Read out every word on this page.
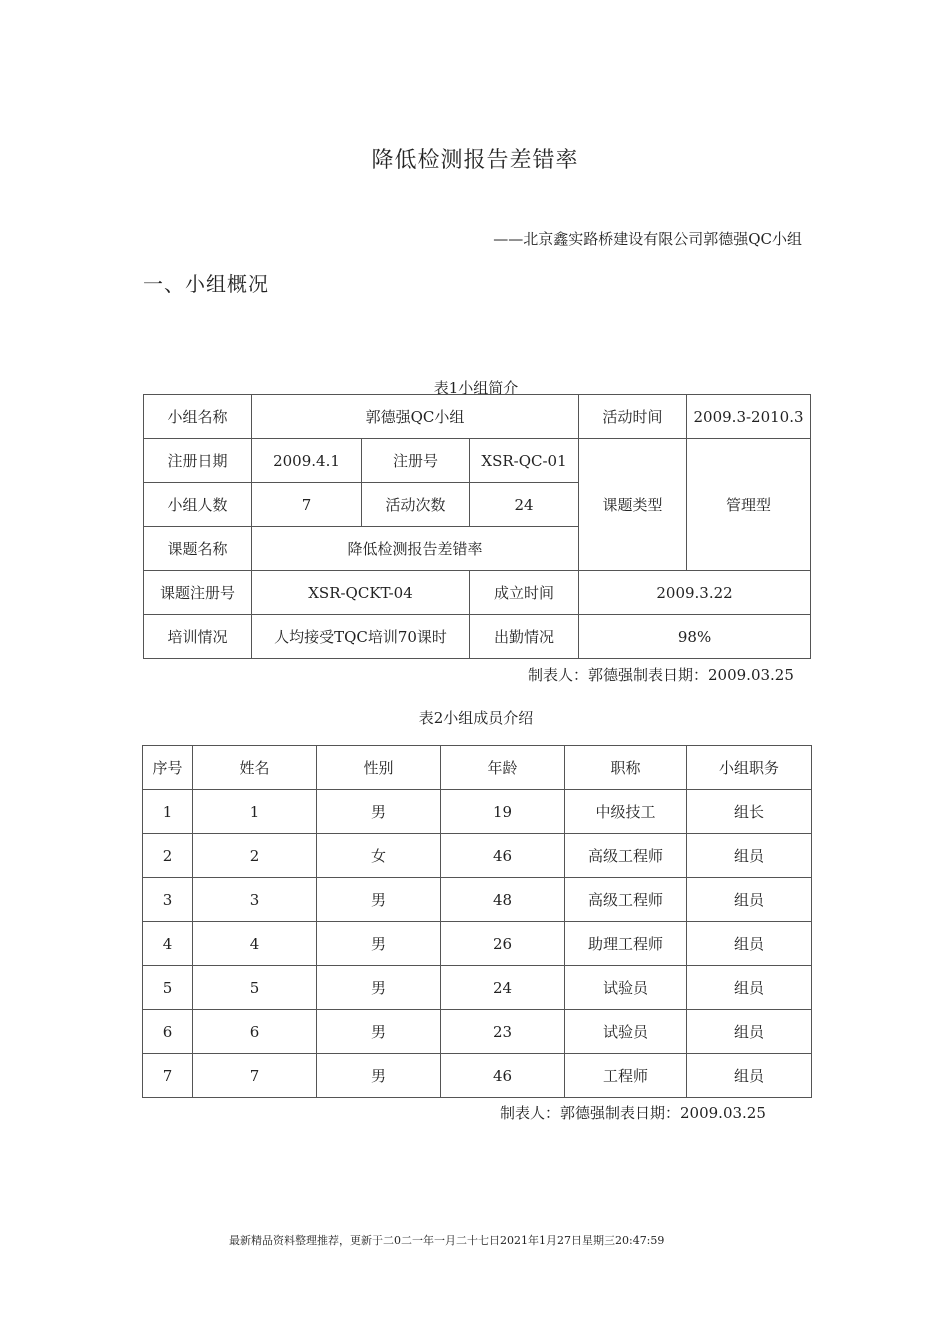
降低检测报告差错率
——北京鑫实路桥建设有限公司郭德强QC小组
一、小组概况
表1小组简介
小组名称	郭德强QC小组			活动时间	2009.3-2010.3
注册日期	2009.4.1	注册号	XSR-QC-01	课题类型	管理型
小组人数	7	活动次数	24		
课题名称	降低检测报告差错率				
课题注册号	XSR-QCKT-04		成立时间	2009.3.22	
培训情况	人均接受TQC培训70课时		出勤情况	98%	
制表人：郭德强制表日期：2009.03.25
表2小组成员介绍
序号	姓名	性别	年龄	职称	小组职务
1	1	男	19	中级技工	组长
2	2	女	46	高级工程师	组员
3	3	男	48	高级工程师	组员
4	4	男	26	助理工程师	组员
5	5	男	24	试验员	组员
6	6	男	23	试验员	组员
7	7	男	46	工程师	组员
制表人：郭德强制表日期：2009.03.25
最新精品资料整理推荐，更新于二0二一年一月二十七日2021年1月27日星期三20:47:59
